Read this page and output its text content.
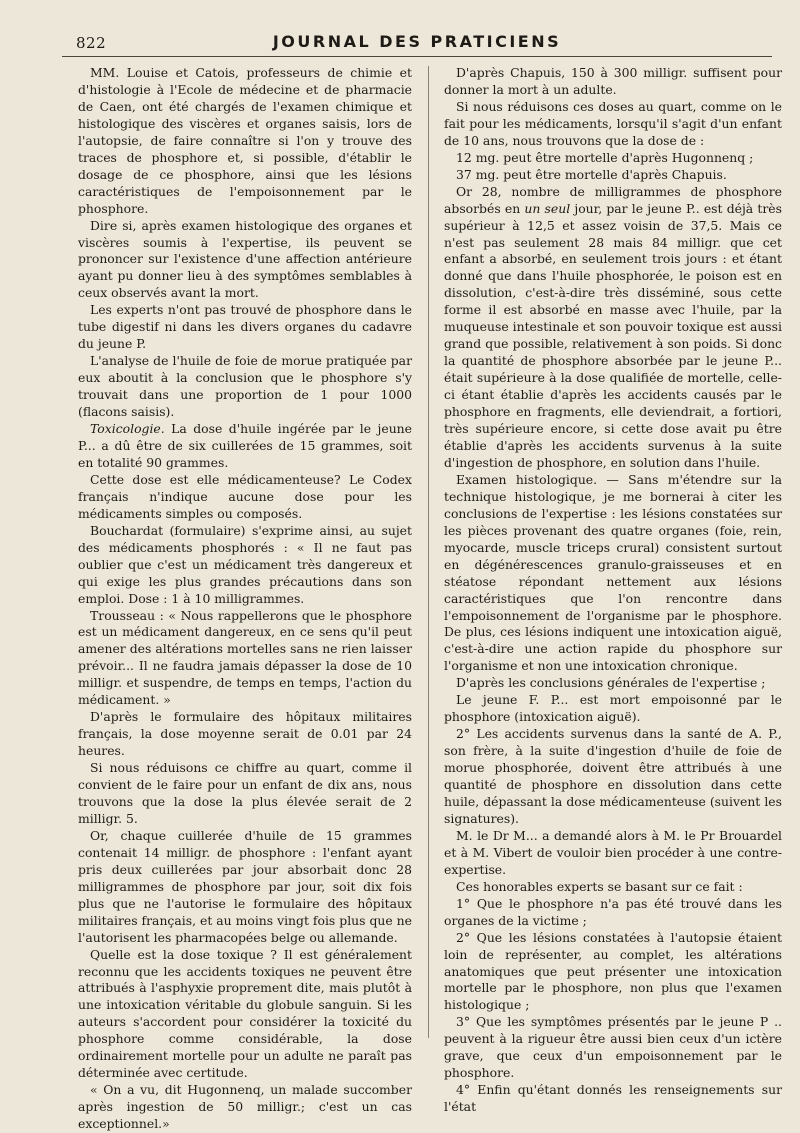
822	JOURNAL DES PRATICIENS

MM. Louise et Catois, professeurs de chimie et d'histologie à l'Ecole de médecine et de pharmacie de Caen, ont été chargés de l'examen chimique et histologique des viscères et organes saisis, lors de l'autopsie, de faire connaître si l'on y trouve des traces de phosphore et, si possible, d'établir le dosage de ce phosphore, ainsi que les lésions caractéristiques de l'empoisonnement par le phosphore.

Dire si, après examen histologique des organes et viscères soumis à l'expertise, ils peuvent se prononcer sur l'existence d'une affection antérieure ayant pu donner lieu à des symptômes semblables à ceux observés avant la mort.

Les experts n'ont pas trouvé de phosphore dans le tube digestif ni dans les divers organes du cadavre du jeune P.

L'analyse de l'huile de foie de morue pratiquée par eux aboutit à la conclusion que le phosphore s'y trouvait dans une proportion de 1 pour 1000 (flacons saisis).

Toxicologie. La dose d'huile ingérée par le jeune P... a dû être de six cuillerées de 15 grammes, soit en totalité 90 grammes.

Cette dose est elle médicamenteuse? Le Codex français n'indique aucune dose pour les médicaments simples ou composés.

Bouchardat (formulaire) s'exprime ainsi, au sujet des médicaments phosphorés : « Il ne faut pas oublier que c'est un médicament très dangereux et qui exige les plus grandes précautions dans son emploi. Dose : 1 à 10 milligrammes.

Trousseau : « Nous rappellerons que le phosphore est un médicament dangereux, en ce sens qu'il peut amener des altérations mortelles sans ne rien laisser prévoir... Il ne faudra jamais dépasser la dose de 10 milligr. et suspendre, de temps en temps, l'action du médicament. »

D'après le formulaire des hôpitaux militaires français, la dose moyenne serait de 0.01 par 24 heures.

Si nous réduisons ce chiffre au quart, comme il convient de le faire pour un enfant de dix ans, nous trouvons que la dose la plus élevée serait de 2 milligr. 5.

Or, chaque cuillerée d'huile de 15 grammes contenait 14 milligr. de phosphore : l'enfant ayant pris deux cuillerées par jour absorbait donc 28 milligrammes de phosphore par jour, soit dix fois plus que ne l'autorise le formulaire des hôpitaux militaires français, et au moins vingt fois plus que ne l'autorisent les pharmacopées belge ou allemande.

Quelle est la dose toxique ? Il est généralement reconnu que les accidents toxiques ne peuvent être attribués à l'asphyxie proprement dite, mais plutôt à une intoxication véritable du globule sanguin. Si les auteurs s'accordent pour considérer la toxicité du phosphore comme considérable, la dose ordinairement mortelle pour un adulte ne paraît pas déterminée avec certitude.

« On a vu, dit Hugonnenq, un malade succomber après ingestion de 50 milligr.; c'est un cas exceptionnel.»

D'après Chapuis, 150 à 300 milligr. suffisent pour donner la mort à un adulte.

Si nous réduisons ces doses au quart, comme on le fait pour les médicaments, lorsqu'il s'agit d'un enfant de 10 ans, nous trouvons que la dose de :

12 mg. peut être mortelle d'après Hugonnenq ;

37 mg. peut être mortelle d'après Chapuis.

Or 28, nombre de milligrammes de phosphore absorbés en un seul jour, par le jeune P.. est déjà très supérieur à 12,5 et assez voisin de 37,5. Mais ce n'est pas seulement 28 mais 84 milligr. que cet enfant a absorbé, en seulement trois jours : et étant donné que dans l'huile phosphorée, le poison est en dissolution, c'est-à-dire très disséminé, sous cette forme il est absorbé en masse avec l'huile, par la muqueuse intestinale et son pouvoir toxique est aussi grand que possible, relativement à son poids. Si donc la quantité de phosphore absorbée par le jeune P... était supérieure à la dose qualifiée de mortelle, celle-ci étant établie d'après les accidents causés par le phosphore en fragments, elle deviendrait, a fortiori, très supérieure encore, si cette dose avait pu être établie d'après les accidents survenus à la suite d'ingestion de phosphore, en solution dans l'huile.

Examen histologique. — Sans m'étendre sur la technique histologique, je me bornerai à citer les conclusions de l'expertise : les lésions constatées sur les pièces provenant des quatre organes (foie, rein, myocarde, muscle triceps crural) consistent surtout en dégénérescences granulo-graisseuses et en stéatose répondant nettement aux lésions caractéristiques que l'on rencontre dans l'empoisonnement de l'organisme par le phosphore. De plus, ces lésions indiquent une intoxication aiguë, c'est-à-dire une action rapide du phosphore sur l'organisme et non une intoxication chronique.

D'après les conclusions générales de l'expertise ;

Le jeune F. P... est mort empoisonné par le phosphore (intoxication aiguë).

2° Les accidents survenus dans la santé de A. P., son frère, à la suite d'ingestion d'huile de foie de morue phosphorée, doivent être attribués à une quantité de phosphore en dissolution dans cette huile, dépassant la dose médicamenteuse (suivent les signatures).

M. le Dr M... a demandé alors à M. le Pr Brouardel et à M. Vibert de vouloir bien procéder à une contre-expertise.

Ces honorables experts se basant sur ce fait :

1° Que le phosphore n'a pas été trouvé dans les organes de la victime ;

2° Que les lésions constatées à l'autopsie étaient loin de représenter, au complet, les altérations anatomiques que peut présenter une intoxication mortelle par le phosphore, non plus que l'examen histologique ;

3° Que les symptômes présentés par le jeune P .. peuvent à la rigueur être aussi bien ceux d'un ictère grave, que ceux d'un empoisonnement par le phosphore.

4° Enfin qu'étant donnés les renseignements sur l'état
